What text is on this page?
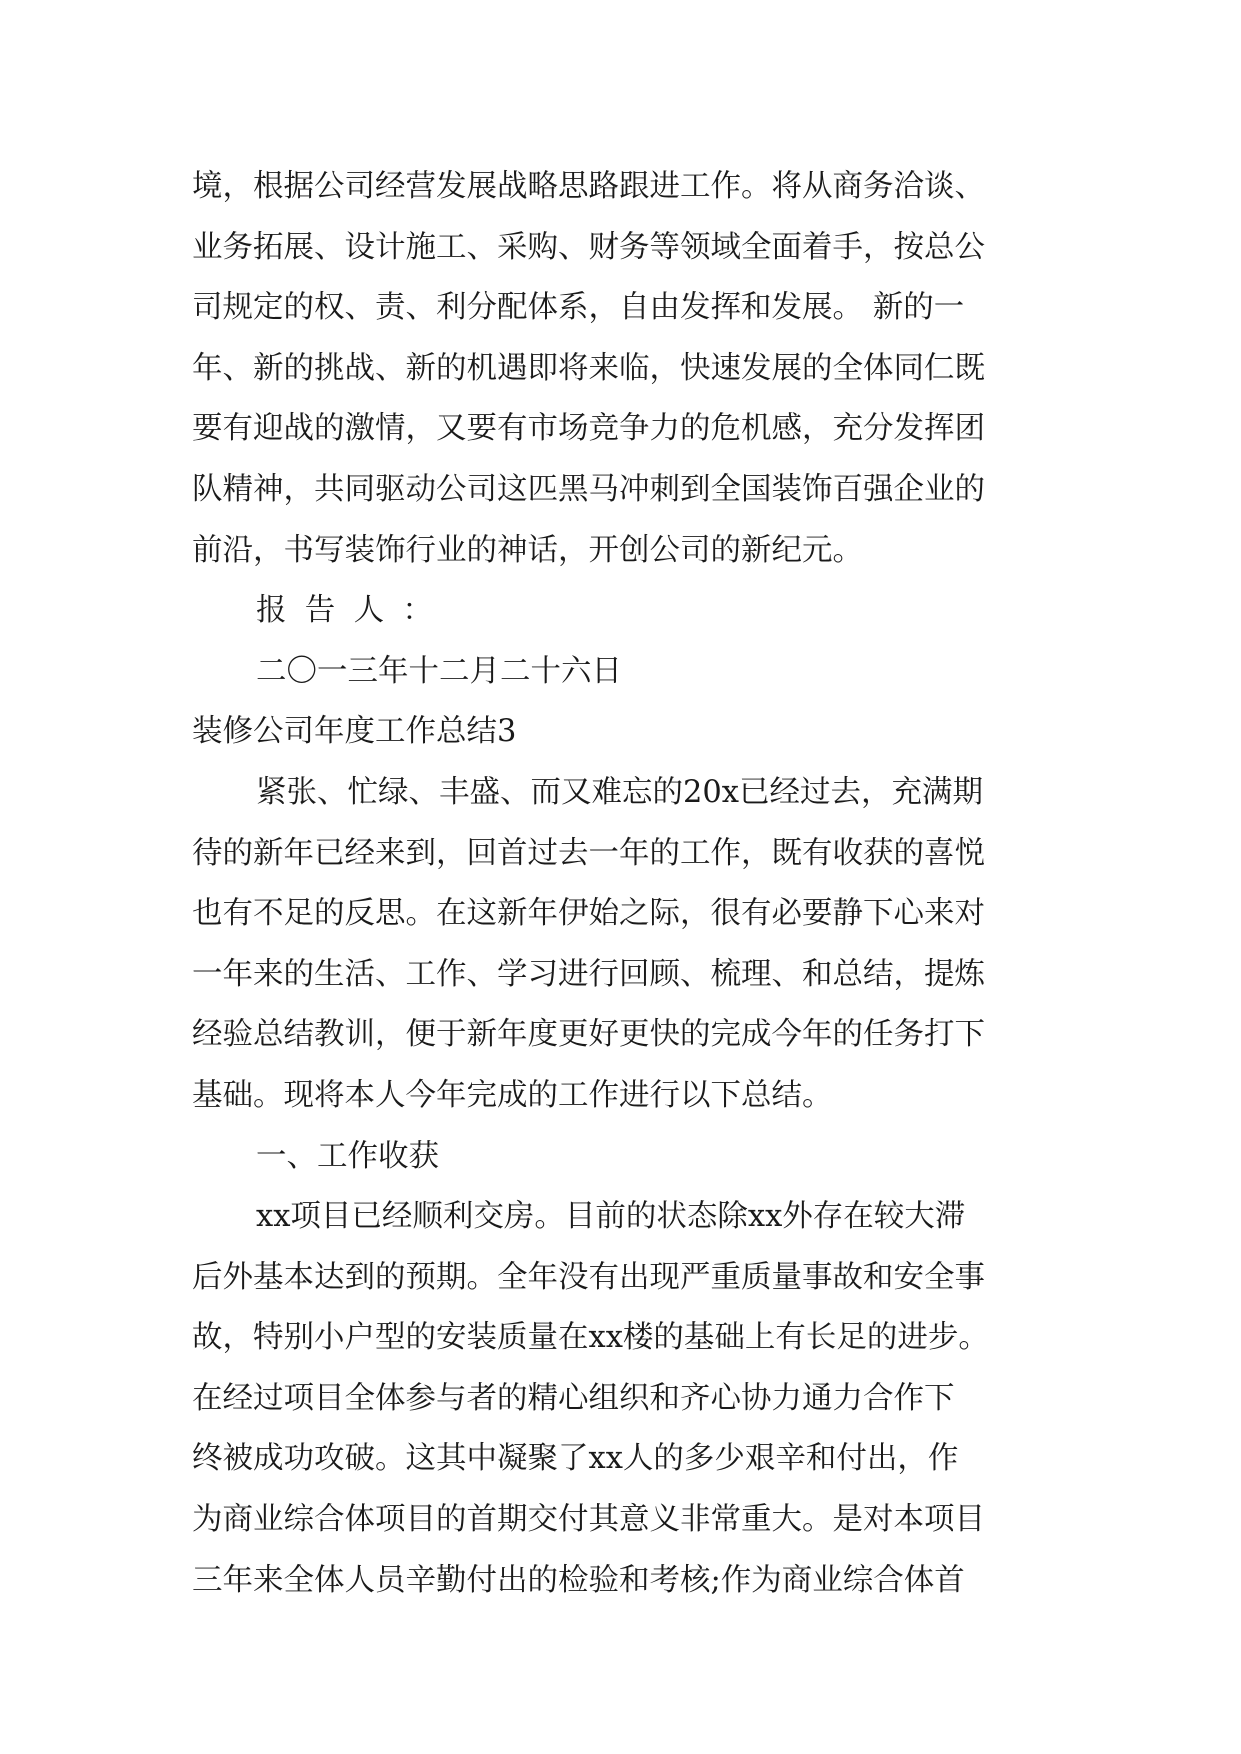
境，根据公司经营发展战略思路跟进工作。将从商务洽谈、
业务拓展、设计施工、采购、财务等领域全面着手，按总公
司规定的权、责、利分配体系，自由发挥和发展。 新的一
年、新的挑战、新的机遇即将来临，快速发展的全体同仁既
要有迎战的激情，又要有市场竞争力的危机感，充分发挥团
队精神，共同驱动公司这匹黑马冲刺到全国装饰百强企业的
前沿，书写装饰行业的神话，开创公司的新纪元。
报告人：
二〇一三年十二月二十六日
装修公司年度工作总结3
紧张、忙绿、丰盛、而又难忘的20x已经过去，充满期
待的新年已经来到，回首过去一年的工作，既有收获的喜悦
也有不足的反思。在这新年伊始之际，很有必要静下心来对
一年来的生活、工作、学习进行回顾、梳理、和总结，提炼
经验总结教训，便于新年度更好更快的完成今年的任务打下
基础。现将本人今年完成的工作进行以下总结。
一、工作收获
xx项目已经顺利交房。目前的状态除xx外存在较大滞
后外基本达到的预期。全年没有出现严重质量事故和安全事
故，特别小户型的安装质量在xx楼的基础上有长足的进步。
在经过项目全体参与者的精心组织和齐心协力通力合作下
终被成功攻破。这其中凝聚了xx人的多少艰辛和付出，作
为商业综合体项目的首期交付其意义非常重大。是对本项目
三年来全体人员辛勤付出的检验和考核;作为商业综合体首
